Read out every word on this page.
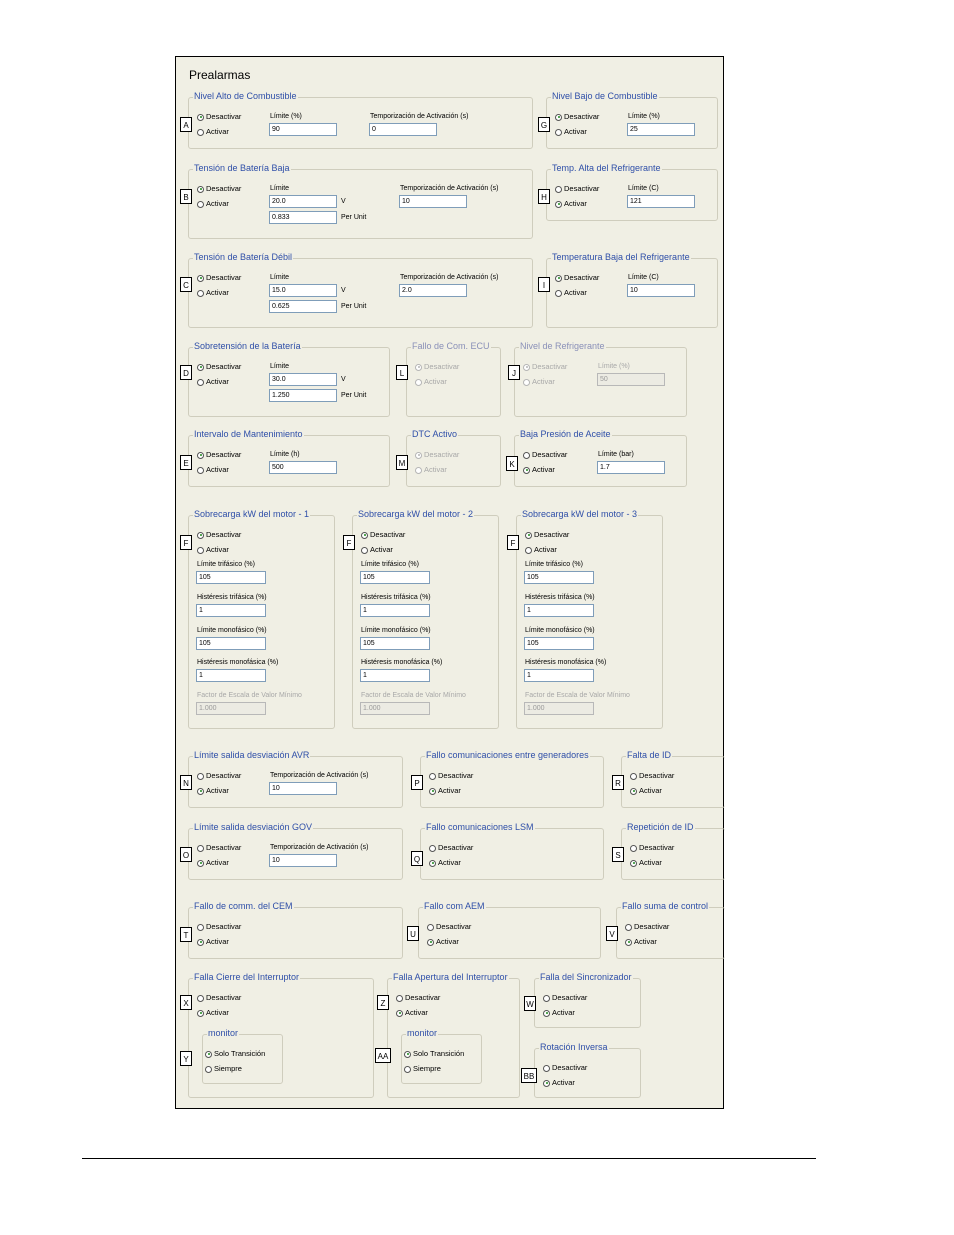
Prealarmas
Nivel Alto de Combustible
Desactivar
Activar
Límite (%)
90
Temporización de Activación (s)
0
A
Nivel Bajo de Combustible
Desactivar
Activar
Límite (%)
25
G
Tensión de Batería Baja
Desactivar
Activar
Límite
20.0	V
0.833	Per Unit
Temporización de Activación (s)
10
B
Temp. Alta del Refrigerante
Desactivar
Activar
Límite (C)
121
H
Tensión de Batería Débil
Desactivar
Activar
Límite
15.0	V
0.625	Per Unit
Temporización de Activación (s)
2.0
C
Temperatura Baja del Refrigerante
Desactivar
Activar
Límite (C)
10
I
Sobretensión de la Batería
Desactivar
Activar
Límite
30.0	V
1.250	Per Unit
D
Fallo de Com. ECU
Desactivar
Activar
L
Nivel de Refrigerante
Desactivar
Activar
Límite (%)
50
J
Intervalo de Mantenimiento
Desactivar
Activar
Límite (h)
500
E
DTC Activo
Desactivar
Activar
M
Baja Presión de Aceite
Desactivar
Activar
Límite (bar)
1.7
K
Sobrecarga kW del motor - 1
Desactivar
Activar
Límite trifásico (%)
105
Histéresis trifásica (%)
1
Límite monofásico (%)
105
Histéresis monofásica (%)
1
Factor de Escala de Valor Mínimo
1.000
F
Sobrecarga kW del motor - 2
Desactivar
Activar
Límite trifásico (%)
105
Histéresis trifásica (%)
1
Límite monofásico (%)
105
Histéresis monofásica (%)
1
Factor de Escala de Valor Mínimo
1.000
F
Sobrecarga kW del motor - 3
Desactivar
Activar
Límite trifásico (%)
105
Histéresis trifásica (%)
1
Límite monofásico (%)
105
Histéresis monofásica (%)
1
Factor de Escala de Valor Mínimo
1.000
F
Límite salida desviación AVR
Desactivar
Activar
Temporización de Activación (s)
10
N
Fallo comunicaciones entre generadores
Desactivar
Activar
P
Falta de ID
Desactivar
Activar
R
Límite salida desviación GOV
Desactivar
Activar
Temporización de Activación (s)
10
O
Fallo comunicaciones LSM
Desactivar
Activar
Q
Repetición de ID
Desactivar
Activar
S
Fallo de comm. del CEM
Desactivar
Activar
T
Fallo com AEM
Desactivar
Activar
U
Fallo suma de control
Desactivar
Activar
V
Falla Cierre del Interruptor
Desactivar
Activar
monitor
Solo Transición
Siempre
X
Y
Falla Apertura del Interruptor
Desactivar
Activar
monitor
Solo Transición
Siempre
Z
AA
Falla del Sincronizador
Desactivar
Activar
W
Rotación Inversa
Desactivar
Activar
BB
